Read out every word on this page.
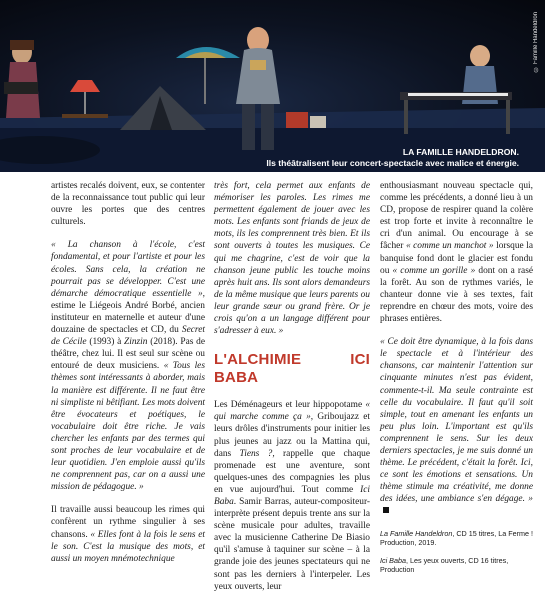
© Famille Handeldron
LA FAMILLE HANDELDRON.
Ils théâtralisent leur concert-spectacle avec malice et énergie.

artistes recalés doivent, eux, se contenter de la reconnaissance tout public qui leur ouvre les portes que des centres culturels.

« La chanson à l'école, c'est fondamental, et pour l'artiste et pour les écoles. Sans cela, la création ne pourrait pas se développer. C'est une démarche démocratique essentielle », estime le Liégeois André Borbé, ancien instituteur en maternelle et auteur d'une douzaine de spectacles et CD, du Secret de Cécile (1993) à Zinzin (2018). Pas de théâtre, chez lui. Il est seul sur scène ou entouré de deux musiciens. « Tous les thèmes sont intéressants à aborder, mais la manière est différente. Il ne faut être ni simpliste ni bêtifiant. Les mots doivent être évocateurs et poétiques, le vocabulaire doit être riche. Je vais chercher les enfants par des termes qui sont proches de leur vocabulaire et de leur quotidien. J'en emploie aussi qu'ils ne comprennent pas, car on a aussi une mission de pédagogue. »

Il travaille aussi beaucoup les rimes qui confèrent un rythme singulier à ses chansons. « Elles font à la fois le sens et le son. C'est la musique des mots, et aussi un moyen mnémotechnique

très fort, cela permet aux enfants de mémoriser les paroles. Les rimes me permettent également de jouer avec les mots. Les enfants sont friands de jeux de mots, ils les comprennent très bien. Et ils sont ouverts à toutes les musiques. Ce qui me chagrine, c'est de voir que la chanson jeune public les touche moins après huit ans. Ils sont alors demandeurs de la même musique que leurs parents ou leur grande sœur ou grand frère. Or je crois qu'on a un langage différent pour s'adresser à eux. »

L'ALCHIMIE ICI BABA

Les Déménageurs et leur hippopotame « qui marche comme ça », Griboujazz et leurs drôles d'instruments pour initier les plus jeunes au jazz ou la Mattina qui, dans Tiens ?, rappelle que chaque promenade est une aventure, sont quelques-unes des compagnies les plus en vue aujourd'hui. Tout comme Ici Baba. Samir Barras, auteur-compositeur-interprète présent depuis trente ans sur la scène musicale pour adultes, travaille avec la musicienne Catherine De Biasio qu'il s'amuse à taquiner sur scène – à la grande joie des jeunes spectateurs qui ne sont pas les derniers à l'interpeler. Les yeux ouverts, leur

enthousiasmant nouveau spectacle qui, comme les précédents, a donné lieu à un CD, propose de respirer quand la colère est trop forte et invite à reconnaître le cri d'un animal. Ou encourage à se fâcher « comme un manchot » lorsque la banquise fond dont le glacier est fondu ou « comme un gorille » dont on a rasé la forêt. Au son de rythmes variés, le chanteur donne vie à ses textes, fait reprendre en chœur des mots, voire des phrases entières.

« Ce doit être dynamique, à la fois dans le spectacle et à l'intérieur des chansons, car maintenir l'attention sur cinquante minutes n'est pas évident, commente-t-il. Ma seule contrainte est celle du vocabulaire. Il faut qu'il soit simple, tout en amenant les enfants un peu plus loin. L'important est qu'ils comprennent le sens. Sur les deux derniers spectacles, je me suis donné un thème. Le précédent, c'était la forêt. Ici, ce sont les émotions et sensations. Un thème stimule ma créativité, me donne des idées, une ambiance s'en dégage. »

La Famille Handeldron, CD 15 titres, La Ferme ! Production, 2019.
Ici Baba, Les yeux ouverts, CD 16 titres, Production
